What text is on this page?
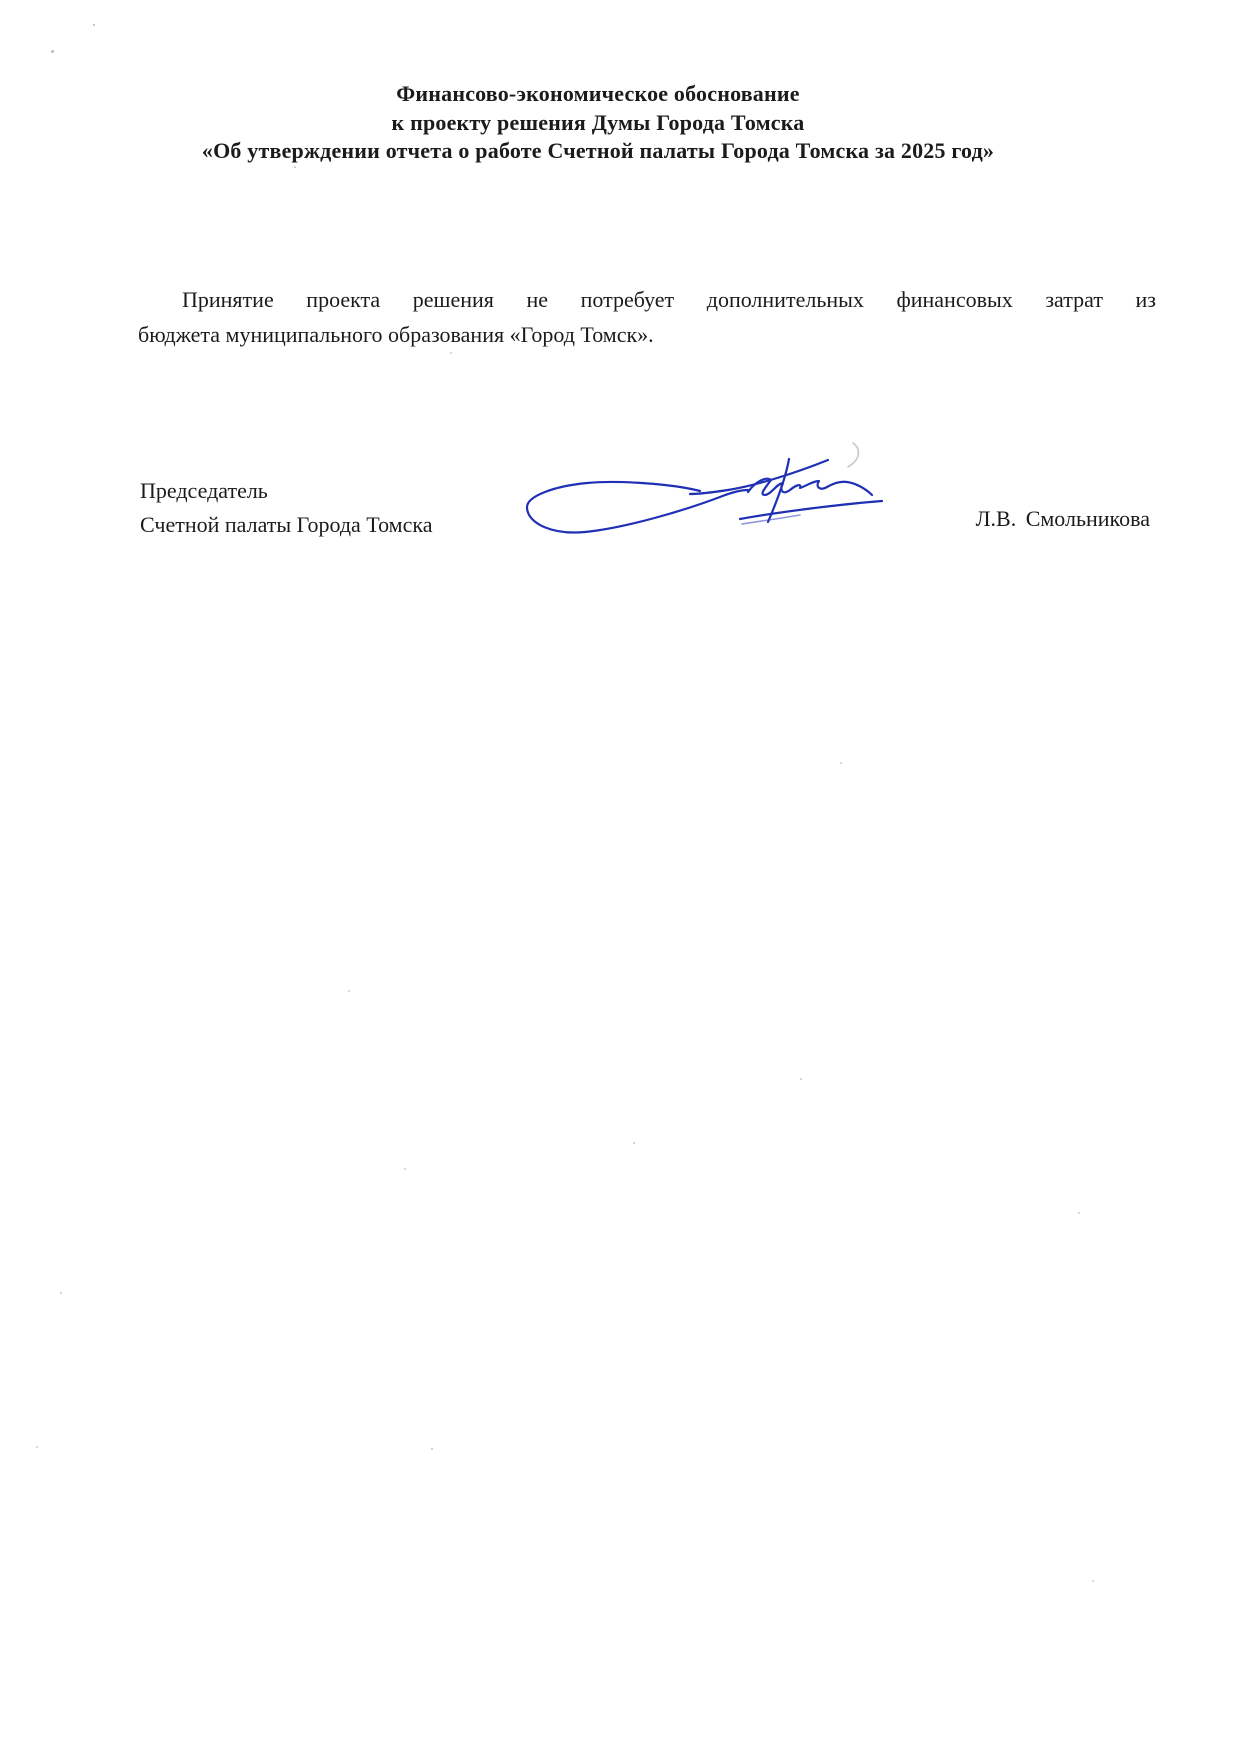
Финансово-экономическое обоснование
к проекту решения Думы Города Томска
«Об утверждении отчета о работе Счетной палаты Города Томска за 2025 год»
Принятие проекта решения не потребует дополнительных финансовых затрат из
бюджета муниципального образования «Город Томск».
Председатель
Счетной палаты Города Томска	Л.В. Смольникова
